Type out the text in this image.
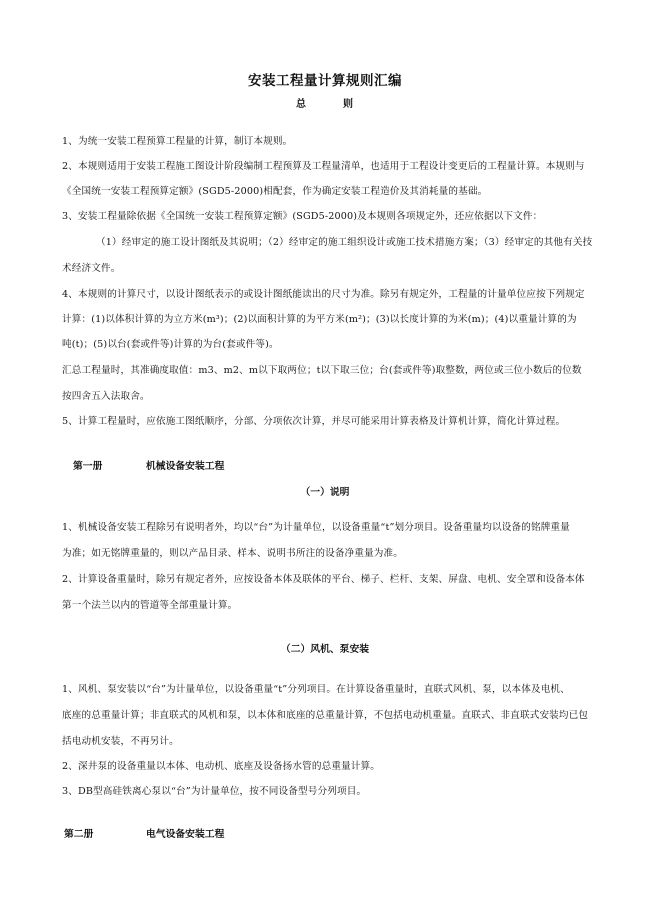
安装工程量计算规则汇编
总	则
1、为统一安装工程预算工程量的计算，制订本规则。
2、本规则适用于安装工程施工图设计阶段编制工程预算及工程量清单，也适用于工程设计变更后的工程量计算。本规则与
《全国统一安装工程预算定额》(SGD5-2000)相配套，作为确定安装工程造价及其消耗量的基础。
3、安装工程量除依据《全国统一安装工程预算定额》(SGD5-2000)及本规则各项规定外，还应依据以下文件：
（1）经审定的施工设计图纸及其说明；（2）经审定的施工组织设计或施工技术措施方案；（3）经审定的其他有关技
术经济文件。
4、本规则的计算尺寸，以设计图纸表示的或设计图纸能读出的尺寸为准。除另有规定外，工程量的计量单位应按下列规定
计算：(1)以体积计算的为立方米(m³)；(2)以面积计算的为平方米(m²)；(3)以长度计算的为米(m)；(4)以重量计算的为
吨(t)；(5)以台(套或件等)计算的为台(套或件等)。
汇总工程量时，其准确度取值：m3、m2、m以下取两位；t以下取三位；台(套或件等)取整数，两位或三位小数后的位数
按四舍五入法取舍。
5、计算工程量时，应依施工图纸顺序，分部、分项依次计算，并尽可能采用计算表格及计算机计算，简化计算过程。
第一册	机械设备安装工程
（一）说明
1、机械设备安装工程除另有说明者外，均以“台”为计量单位，以设备重量“t”划分项目。设备重量均以设备的铭牌重量
为准；如无铭牌重量的，则以产品目录、样本、说明书所注的设备净重量为准。
2、计算设备重量时，除另有规定者外，应按设备本体及联体的平台、梯子、栏杆、支架、屏盘、电机、安全罩和设备本体
第一个法兰以内的管道等全部重量计算。
（二）风机、泵安装
1、风机、泵安装以“台”为计量单位，以设备重量“t”分列项目。在计算设备重量时，直联式风机、泵，以本体及电机、
底座的总重量计算；非直联式的风机和泵，以本体和底座的总重量计算，不包括电动机重量。直联式、非直联式安装均已包
括电动机安装，不再另计。
2、深井泵的设备重量以本体、电动机、底座及设备扬水管的总重量计算。
3、DB型高硅铁离心泵以“台”为计量单位，按不同设备型号分列项目。
第二册	电气设备安装工程
